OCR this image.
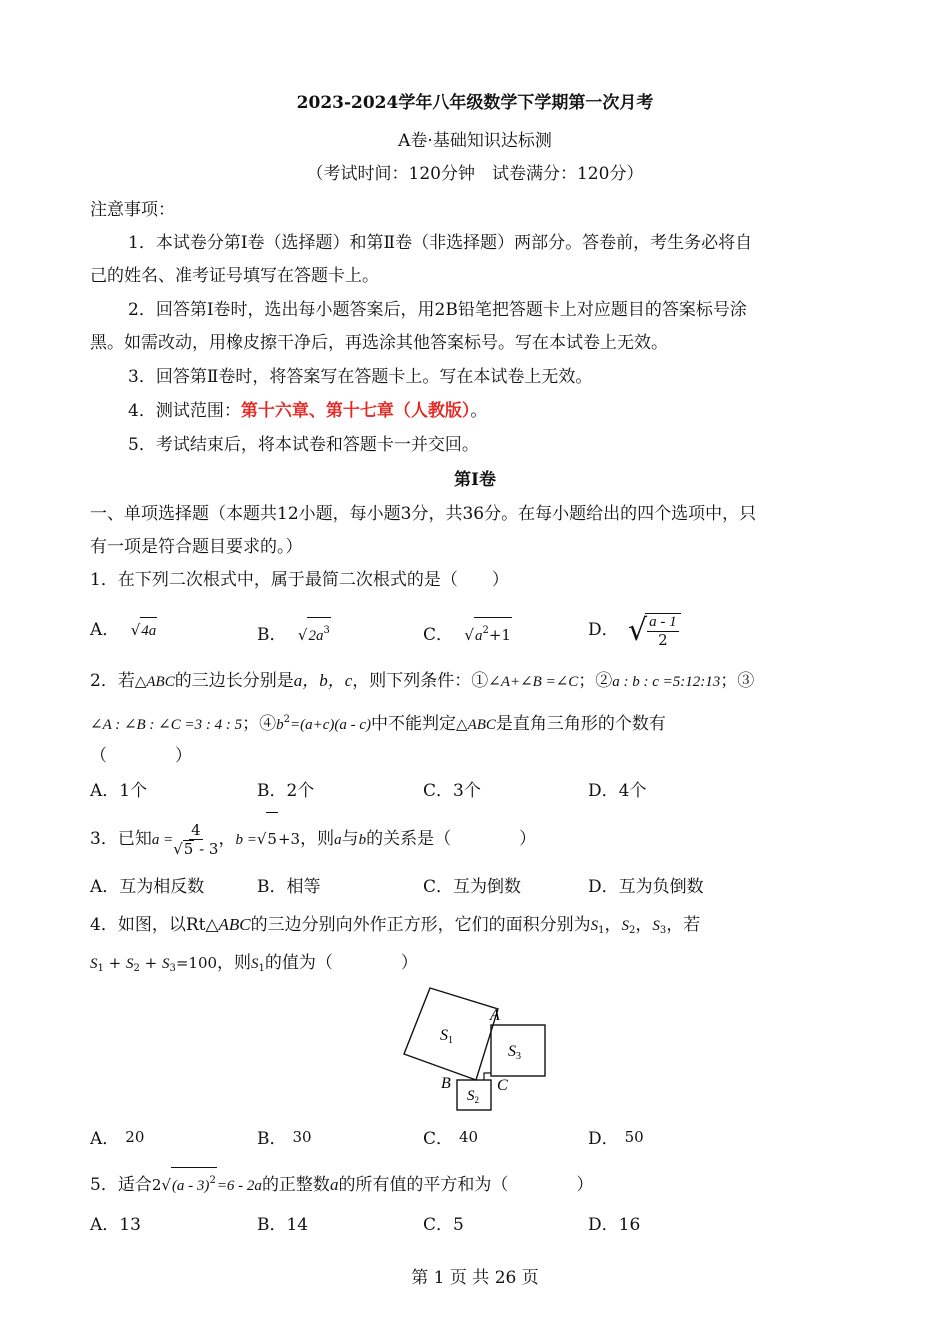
2023-2024学年八年级数学下学期第一次月考
A卷·基础知识达标测
（考试时间：120分钟　试卷满分：120分）
注意事项：
1．本试卷分第Ⅰ卷（选择题）和第Ⅱ卷（非选择题）两部分。答卷前，考生务必将自
己的姓名、准考证号填写在答题卡上。
2．回答第Ⅰ卷时，选出每小题答案后，用2B铅笔把答题卡上对应题目的答案标号涂
黑。如需改动，用橡皮擦干净后，再选涂其他答案标号。写在本试卷上无效。
3．回答第Ⅱ卷时，将答案写在答题卡上。写在本试卷上无效。
4．测试范围：第十六章、第十七章（人教版）。
5．考试结束后，将本试卷和答题卡一并交回。
第Ⅰ卷
一、单项选择题（本题共12小题，每小题3分，共36分。在每小题给出的四个选项中，只
有一项是符合题目要求的。）
1．在下列二次根式中，属于最简二次根式的是（　　）
A． √4a	B． $√2a^3$	C． $√a^2+1$	D． √
$\frac{a - 1}{2}$
2．若△ABC的三边长分别是a，b，c，则下列条件：①∠A+∠B =∠C；②a : b : c =5:12:13；③
∠A : ∠B : ∠C =3 : 4 : 5；$④b^2=(a+c)(a - c)$中不能判定△ABC是直角三角形的个数有
（　　　　）
A．1个	B．2个	C．3个	D．4个
3．已知$a = \frac{4}{√5 - 3}$ ，b =√5+3，则a与b的关系是（　　　　）
A．互为相反数	B．相等	C．互为倒数	D．互为负倒数
4．如图，以Rt△ABC的三边分别向外作正方形，它们的面积分别为$S_1$，$S_2$，$S_3$，若
$S_1 + S_2 + S_3=100$，则$S_1$的值为（　　　　）
S1
S3
$S_2$
A
B	C
A． 20	B． 30	C． 40	D． 50
5．适合2√(a - 3)$^2$=6 - 2a的正整数a的所有值的平方和为（　　　　）
A．13	B．14	C．5	D．16
第 1 页 共 26 页
